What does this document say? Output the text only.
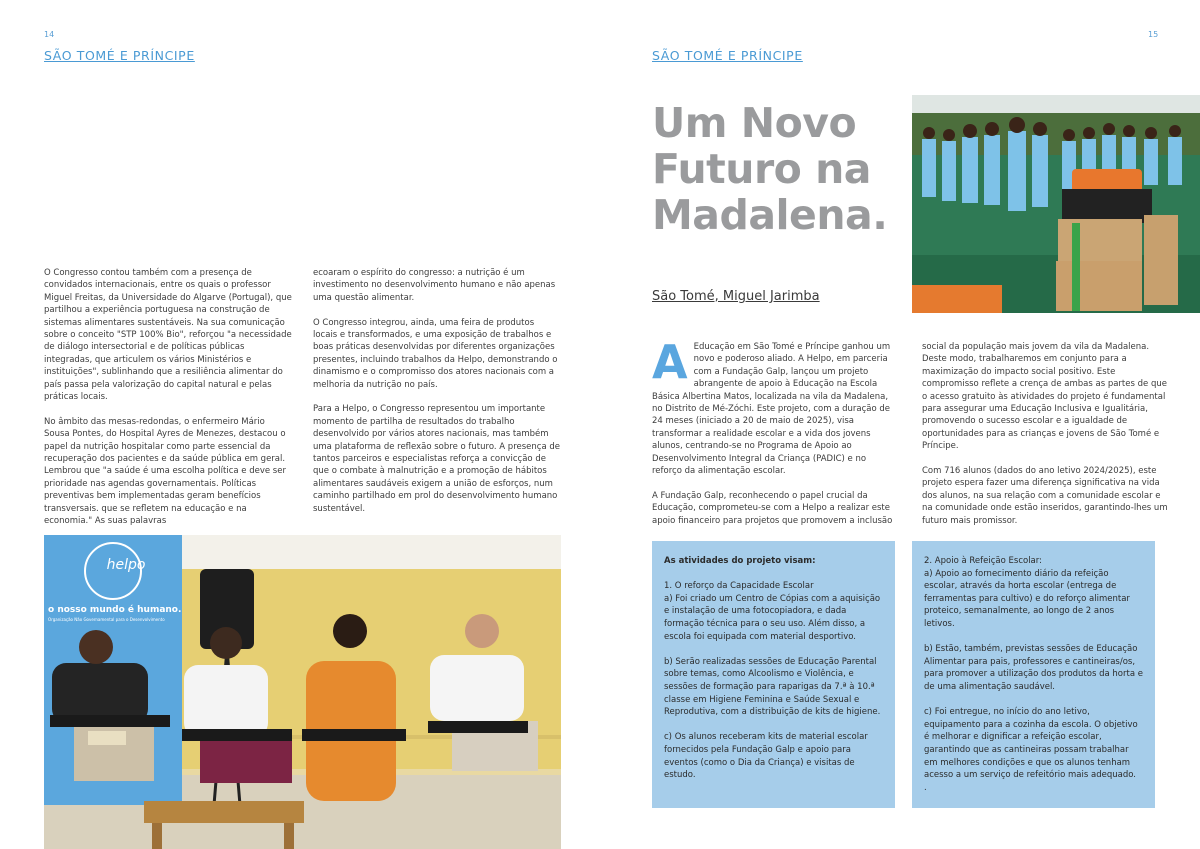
14
SÃO TOMÉ E PRÍNCIPE

O Congresso contou também com a presença de convidados internacionais, entre os quais o professor Miguel Freitas, da Universidade do Algarve (Portugal), que partilhou a experiência portuguesa na construção de sistemas alimentares sustentáveis. Na sua comunicação sobre o conceito "STP 100% Bio", reforçou "a necessidade de diálogo intersectorial e de políticas públicas integradas, que articulem os vários Ministérios e instituições", sublinhando que a resiliência alimentar do país passa pela valorização do capital natural e pelas práticas locais.

No âmbito das mesas-redondas, o enfermeiro Mário Sousa Pontes, do Hospital Ayres de Menezes, destacou o papel da nutrição hospitalar como parte essencial da recuperação dos pacientes e da saúde pública em geral. Lembrou que "a saúde é uma escolha política e deve ser prioridade nas agendas governamentais. Políticas preventivas bem implementadas geram benefícios transversais. que se refletem na educação e na economia." As suas palavras

ecoaram o espírito do congresso: a nutrição é um investimento no desenvolvimento humano e não apenas uma questão alimentar.

O Congresso integrou, ainda, uma feira de produtos locais e transformados, e uma exposição de trabalhos e boas práticas desenvolvidas por diferentes organizações presentes, incluindo trabalhos da Helpo, demonstrando o dinamismo e o compromisso dos atores nacionais com a melhoria da nutrição no país.

Para a Helpo, o Congresso representou um importante momento de partilha de resultados do trabalho desenvolvido por vários atores nacionais, mas também uma plataforma de reflexão sobre o futuro. A presença de tantos parceiros e especialistas reforça a convicção de que o combate à malnutrição e a promoção de hábitos alimentares saudáveis exigem a união de esforços, num caminho partilhado em prol do desenvolvimento humano sustentável.

helpo
o nosso mundo é humano.
Organização Não Governamental para o Desenvolvimento
15
SÃO TOMÉ E PRÍNCIPE
Um Novo Futuro na Madalena.
São Tomé, Miguel Jarimba

A Educação em São Tomé e Príncipe ganhou um novo e poderoso aliado. A Helpo, em parceria com a Fundação Galp, lançou um projeto abrangente de apoio à Educação na Escola Básica Albertina Matos, localizada na vila da Madalena, no Distrito de Mé-Zóchi. Este projeto, com a duração de 24 meses (iniciado a 20 de maio de 2025), visa transformar a realidade escolar e a vida dos jovens alunos, centrando-se no Programa de Apoio ao Desenvolvimento Integral da Criança (PADIC) e no reforço da alimentação escolar.

A Fundação Galp, reconhecendo o papel crucial da Educação, comprometeu-se com a Helpo a realizar este apoio financeiro para projetos que promovem a inclusão

social da população mais jovem da vila da Madalena. Deste modo, trabalharemos em conjunto para a maximização do impacto social positivo. Este compromisso reflete a crença de ambas as partes de que o acesso gratuito às atividades do projeto é fundamental para assegurar uma Educação Inclusiva e Igualitária, promovendo o sucesso escolar e a igualdade de oportunidades para as crianças e jovens de São Tomé e Príncipe.

Com 716 alunos (dados do ano letivo 2024/2025), este projeto espera fazer uma diferença significativa na vida dos alunos, na sua relação com a comunidade escolar e na comunidade onde estão inseridos, garantindo-lhes um futuro mais promissor.

As atividades do projeto visam:

1. O reforço da Capacidade Escolar
a) Foi criado um Centro de Cópias com a aquisição e instalação de uma fotocopiadora, e dada formação técnica para o seu uso. Além disso, a escola foi equipada com material desportivo.

b) Serão realizadas sessões de Educação Parental sobre temas, como Alcoolismo e Violência, e sessões de formação para raparigas da 7.ª à 10.ª classe em Higiene Feminina e Saúde Sexual e Reprodutiva, com a distribuição de kits de higiene.

c) Os alunos receberam kits de material escolar fornecidos pela Fundação Galp e apoio para eventos (como o Dia da Criança) e visitas de estudo.

2. Apoio à Refeição Escolar:
a) Apoio ao fornecimento diário da refeição escolar, através da horta escolar (entrega de ferramentas para cultivo) e do reforço alimentar proteico, semanalmente, ao longo de 2 anos letivos.

b) Estão, também, previstas sessões de Educação Alimentar para pais, professores e cantineiras/os, para promover a utilização dos produtos da horta e de uma alimentação saudável.

c) Foi entregue, no início do ano letivo, equipamento para a cozinha da escola. O objetivo é melhorar e dignificar a refeição escolar, garantindo que as cantineiras possam trabalhar em melhores condições e que os alunos tenham acesso a um serviço de refeitório mais adequado.
.
